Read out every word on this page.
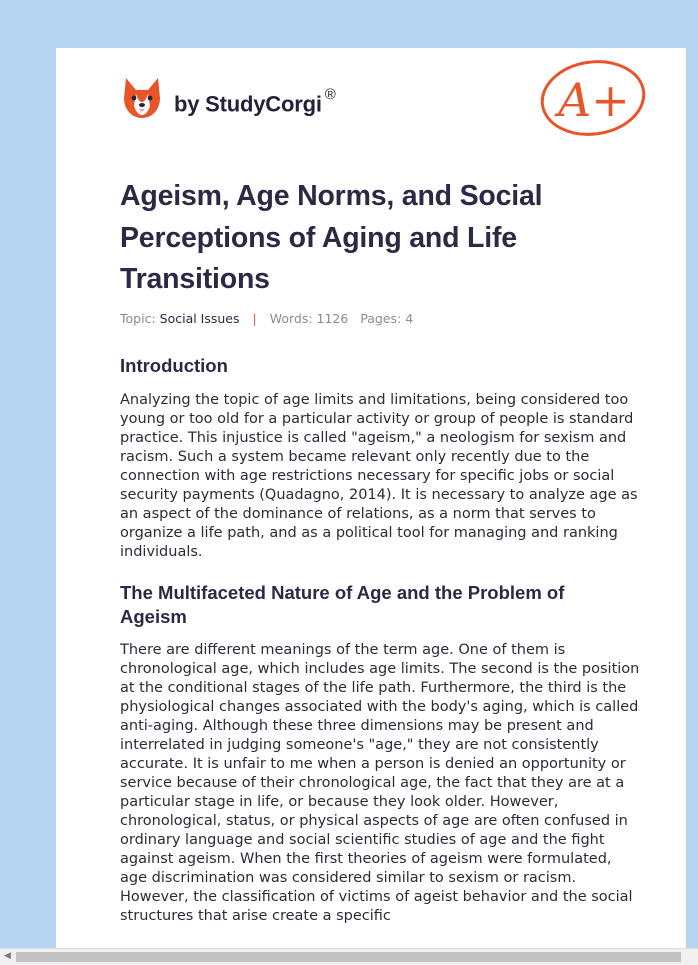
by StudyCorgi ®	A+
Ageism, Age Norms, and Social Perceptions of Aging and Life Transitions
Topic: Social Issues | Words: 1126 Pages: 4
Introduction

Analyzing the topic of age limits and limitations, being considered too young or too old for a particular activity or group of people is standard practice. This injustice is called "ageism," a neologism for sexism and racism. Such a system became relevant only recently due to the connection with age restrictions necessary for specific jobs or social security payments (Quadagno, 2014). It is necessary to analyze age as an aspect of the dominance of relations, as a norm that serves to organize a life path, and as a political tool for managing and ranking individuals.

The Multifaceted Nature of Age and the Problem of Ageism

There are different meanings of the term age. One of them is chronological age, which includes age limits. The second is the position at the conditional stages of the life path. Furthermore, the third is the physiological changes associated with the body's aging, which is called anti-aging. Although these three dimensions may be present and interrelated in judging someone's "age," they are not consistently accurate. It is unfair to me when a person is denied an opportunity or service because of their chronological age, the fact that they are at a particular stage in life, or because they look older. However, chronological, status, or physical aspects of age are often confused in ordinary language and social scientific studies of age and the fight against ageism. When the first theories of ageism were formulated, age discrimination was considered similar to sexism or racism. However, the classification of victims of ageist behavior and the social structures that arise create a specific

◀
